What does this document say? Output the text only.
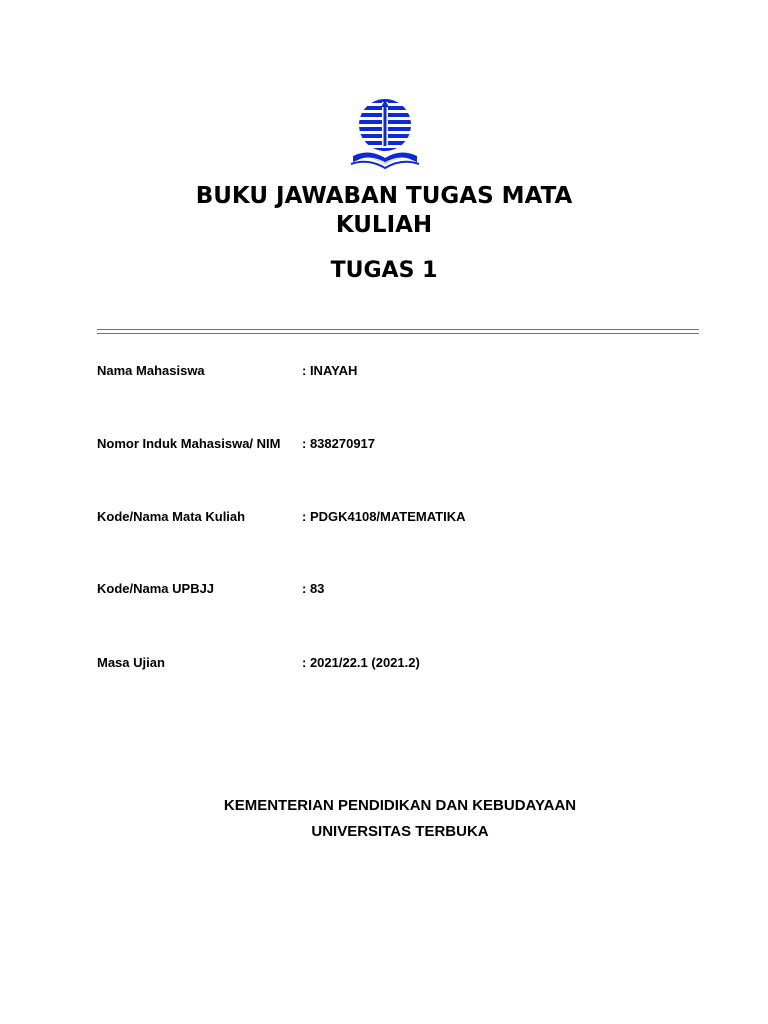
BUKU JAWABAN TUGAS MATA
KULIAH
TUGAS 1
Nama Mahasiswa	: INAYAH
Nomor Induk Mahasiswa/ NIM : 838270917
Kode/Nama Mata Kuliah	: PDGK4108/MATEMATIKA
Kode/Nama UPBJJ	: 83
Masa Ujian	: 2021/22.1 (2021.2)
KEMENTERIAN PENDIDIKAN DAN KEBUDAYAAN
UNIVERSITAS TERBUKA
